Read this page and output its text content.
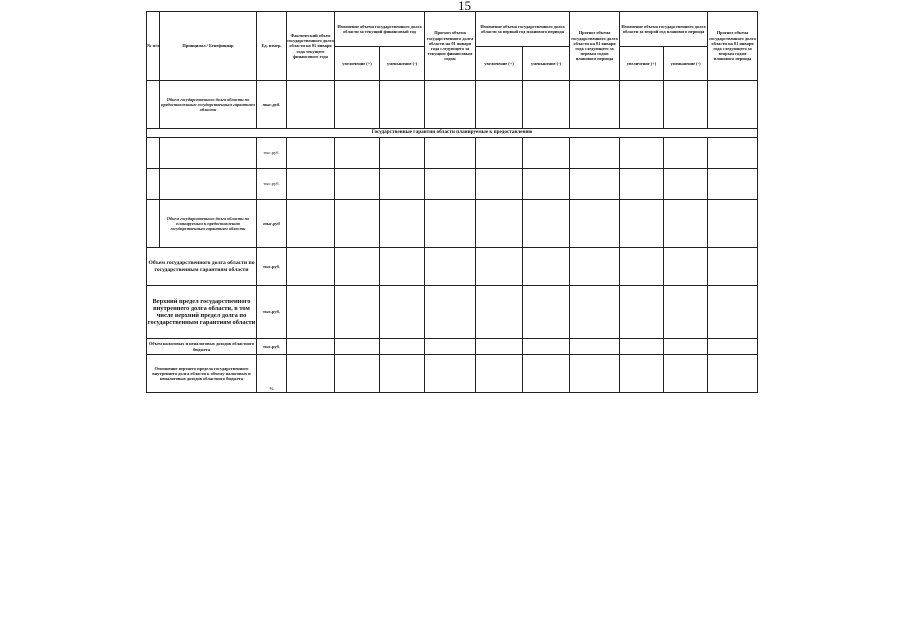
15
№ п/п	Принципал / Бенефициар	Ед. измер.	Фактический объем государственного долга области на 01 января года текущего финансового года	Изменение объема государственного долга области за текущий финансовый год		Прогноз объема государственного долга области на 01 января года следующего за текущим финансовым годом	Изменение объема государственного долга области за первый год планового периода		Прогноз объема государственного долга области на 01 января года следующего за первым годом планового периода	Изменение объема государственного долга области за второй год планового периода		Прогноз объема государственного долга области на 01 января года следующего за вторым годом планового периода
				увеличение (+)	уменьшение (-)		увеличение (+)	уменьшение (-)		увеличение (+)	уменьшение (-)	
	Объем государственного долга области по предоставленным государственным гарантиям области	тыс.руб.										
Государственные гарантии области планируемые к предоставлению												
		тыс.руб.										
		тыс.руб.										
	Объем государственного долга области по планируемым к предоставлению государственным гарантиям области	тыс.руб										
Объем государственного долга области по государственным гарантиям области		тыс.руб.										
Верхний предел государственного внутреннего долга области, в том числе верхний предел долга по государственным гарантиям области		тыс.руб.										
Объем налоговых и неналоговых доходов областного бюджета		тыс.руб.										
Отношение верхнего предела государственного внутреннего долга области к объему налоговых и неналоговых доходов областного бюджета		%										
